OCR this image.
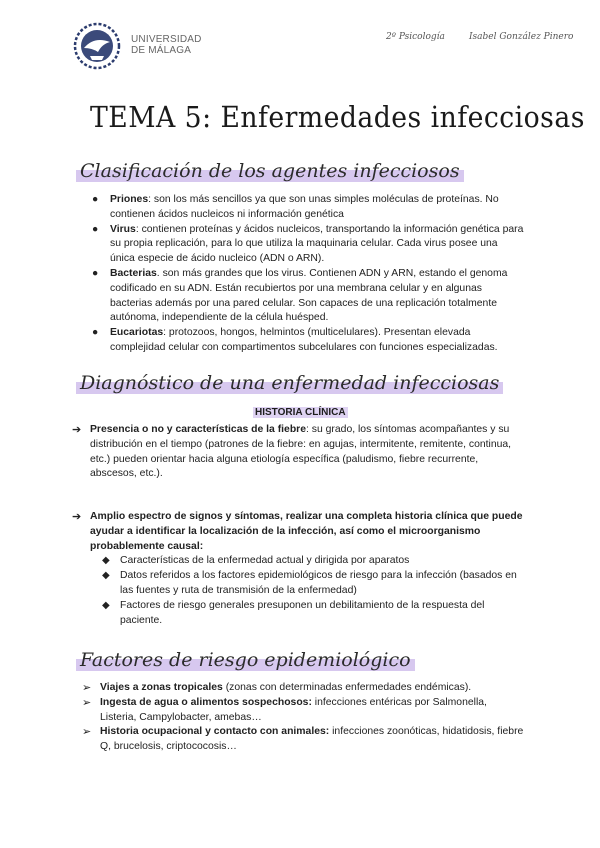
UNIVERSIDAD
DE MÁLAGA
2º Psicología	Isabel González Pinero
TEMA 5: Enfermedades infecciosas
Clasificación de los agentes infecciosos
● Priones: son los más sencillos ya que son unas simples moléculas de proteínas. No contienen ácidos nucleicos ni información genética
● Virus: contienen proteínas y ácidos nucleicos, transportando la información genética para su propia replicación, para lo que utiliza la maquinaria celular. Cada virus posee una única especie de ácido nucleico (ADN o ARN).
● Bacterias. son más grandes que los virus. Contienen ADN y ARN, estando el genoma codificado en su ADN. Están recubiertos por una membrana celular y en algunas bacterias además por una pared celular. Son capaces de una replicación totalmente autónoma, independiente de la célula huésped.
● Eucariotas: protozoos, hongos, helmintos (multicelulares). Presentan elevada complejidad celular con compartimentos subcelulares con funciones especializadas.
Diagnóstico de una enfermedad infecciosas
HISTORIA CLÍNICA
➔ Presencia o no y características de la fiebre: su grado, los síntomas acompañantes y su distribución en el tiempo (patrones de la fiebre: en agujas, intermitente, remitente, continua, etc.) pueden orientar hacia alguna etiología específica (paludismo, fiebre recurrente, abscesos, etc.).
➔ Amplio espectro de signos y síntomas, realizar una completa historia clínica que puede ayudar a identificar la localización de la infección, así como el microorganismo probablemente causal:
◆ Características de la enfermedad actual y dirigida por aparatos
◆ Datos referidos a los factores epidemiológicos de riesgo para la infección (basados en las fuentes y ruta de transmisión de la enfermedad)
◆ Factores de riesgo generales presuponen un debilitamiento de la respuesta del paciente.
Factores de riesgo epidemiológico
➢ Viajes a zonas tropicales (zonas con determinadas enfermedades endémicas).
➢ Ingesta de agua o alimentos sospechosos: infecciones entéricas por Salmonella, Listeria, Campylobacter, amebas…
➢ Historia ocupacional y contacto con animales: infecciones zoonóticas, hidatidosis, fiebre Q, brucelosis, criptococosis…
